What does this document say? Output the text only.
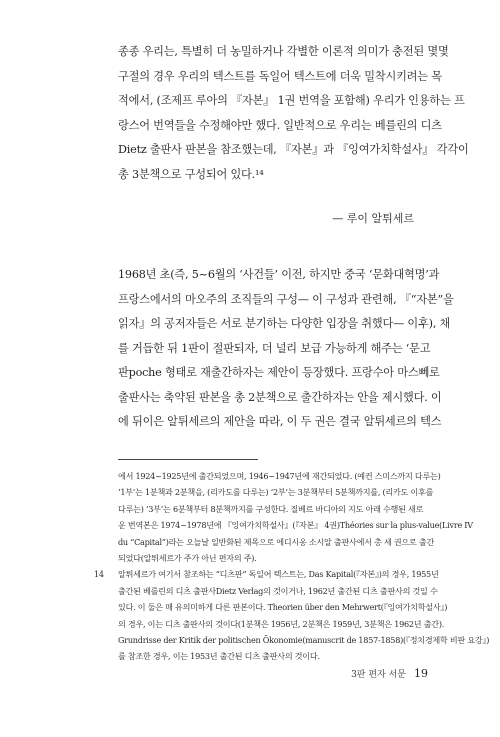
종종 우리는, 특별히 더 농밀하거나 각별한 이론적 의미가 충전된 몇몇
구절의 경우 우리의 텍스트를 독일어 텍스트에 더욱 밀착시키려는 목
적에서, (조제프 루아의 『자본』 1권 번역을 포함해) 우리가 인용하는 프
랑스어 번역들을 수정해야만 했다. 일반적으로 우리는 베를린의 디츠
Dietz 출판사 판본을 참조했는데, 『자본』과 『잉여가치학설사』 각각이
총 3분책으로 구성되어 있다.¹⁴
— 루이 알튀세르
1968년 초(즉, 5~6월의 ‘사건들’ 이전, 하지만 중국 ‘문화대혁명’과
프랑스에서의 마오주의 조직들의 구성— 이 구성과 관련해, 『“자본”을
읽자』의 공저자들은 서로 분기하는 다양한 입장을 취했다— 이후), 채
를 거듭한 뒤 1판이 절판되자, 더 널리 보급 가능하게 해주는 ‘문고
판poche 형태로 재출간하자는 제안이 등장했다. 프랑수아 마스뻬로
출판사는 축약된 판본을 총 2분책으로 출간하자는 안을 제시했다. 이
에 뒤이은 알튀세르의 제안을 따라, 이 두 권은 결국 알튀세르의 텍스
에서 1924~1925년에 출간되었으며, 1946~1947년에 재간되었다. (예컨 스미스까지 다루는)
‘1부’는 1분책과 2분책을, (리카도를 다루는) ‘2부’는 3분책부터 5분책까지를, (리카도 이후를
다루는) ‘3부’는 6분책부터 8분책까지를 구성한다. 질베르 바디아의 지도 아래 수행된 새로
운 번역본은 1974~1978년에 『잉여가치학설사』(『자본』 4권)Théories sur la plus-value(Livre IV
du “Capital”)라는 오늘날 일반화된 제목으로 에디시옹 소시알 출판사에서 총 세 권으로 출간
되었다(알튀세르가 주가 아닌 편자의 주).
14 알튀세르가 여기서 참조하는 “디츠판” 독일어 텍스트는, Das Kapital(『자본』)의 경우, 1955년
출간된 베를린의 디츠 출판사Dietz Verlag의 것이거나, 1962년 출간된 디츠 출판사의 것일 수
있다. 이 둘은 매 유의미하게 다른 판본이다. Theorien über den Mehrwert(『잉여가치학설사』)
의 경우, 이는 디츠 출판사의 것이다(1분책은 1956년, 2분책은 1959년, 3분책은 1962년 출간).
Grundrisse der Kritik der politischen Ökonomie(manuscrit de 1857-1858)(『정치경제학 비판 요강』)
를 참조한 경우, 이는 1953년 출간된 디츠 출판사의 것이다.
3판 편자 서문 19
